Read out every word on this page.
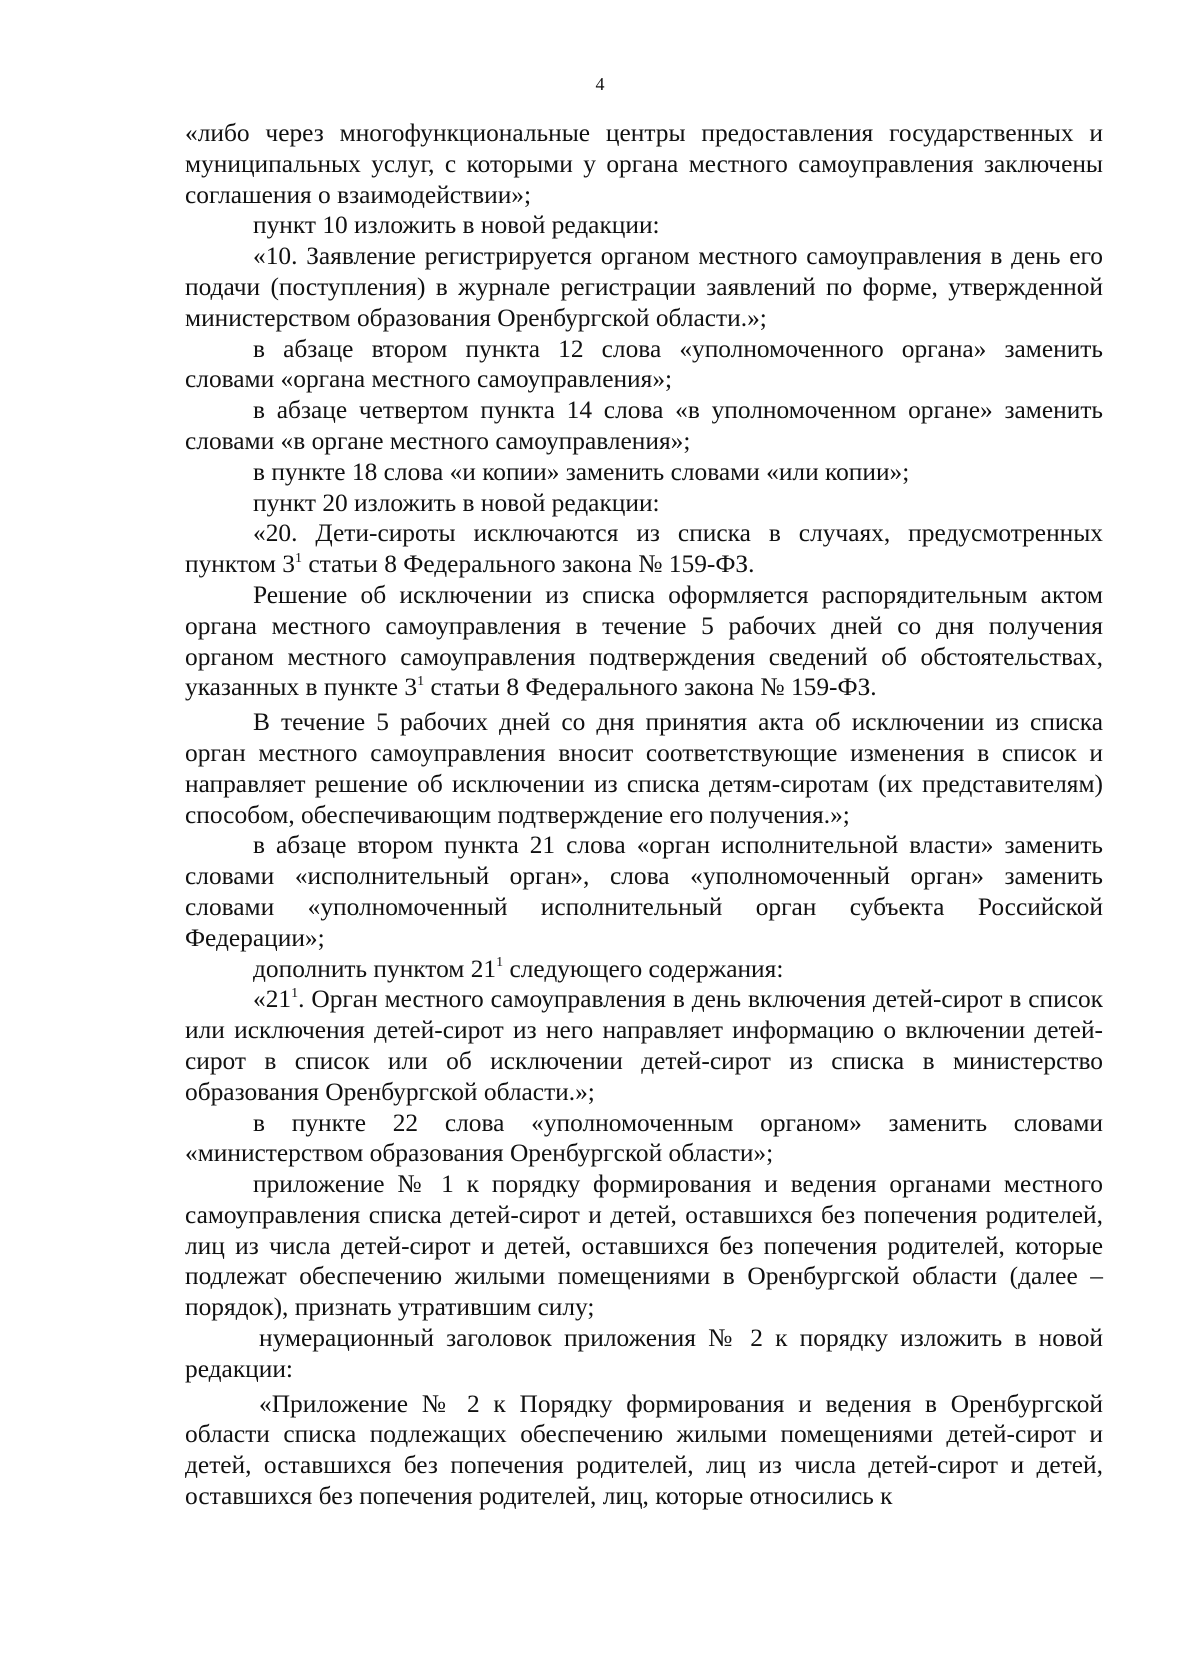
4

«либо через многофункциональные центры предоставления государственных и муниципальных услуг, с которыми у органа местного самоуправления заключены соглашения о взаимодействии»;

пункт 10 изложить в новой редакции:

«10. Заявление регистрируется органом местного самоуправления в день его подачи (поступления) в журнале регистрации заявлений по форме, утвержденной министерством образования Оренбургской области.»;

в абзаце втором пункта 12 слова «уполномоченного органа» заменить словами «органа местного самоуправления»;

в абзаце четвертом пункта 14 слова «в уполномоченном органе» заменить словами «в органе местного самоуправления»;

в пункте 18 слова «и копии» заменить словами «или копии»;

пункт 20 изложить в новой редакции:

«20. Дети-сироты исключаются из списка в случаях, предусмотренных пунктом $3^1$ статьи 8 Федерального закона № 159-ФЗ.

Решение об исключении из списка оформляется распорядительным актом органа местного самоуправления в течение 5 рабочих дней со дня получения органом местного самоуправления подтверждения сведений об обстоятельствах, указанных в пункте $3^1$ статьи 8 Федерального закона № 159-ФЗ.

В течение 5 рабочих дней со дня принятия акта об исключении из списка орган местного самоуправления вносит соответствующие изменения в список и направляет решение об исключении из списка детям-сиротам (их представителям) способом, обеспечивающим подтверждение его получения.»;

в абзаце втором пункта 21 слова «орган исполнительной власти» заменить словами «исполнительный орган», слова «уполномоченный орган» заменить словами «уполномоченный исполнительный орган субъекта Российской Федерации»;

дополнить пунктом $21^1$ следующего содержания:

«$21^1$. Орган местного самоуправления в день включения детей-сирот в список или исключения детей-сирот из него направляет информацию о включении детей-сирот в список или об исключении детей-сирот из списка в министерство образования Оренбургской области.»;

в пункте 22 слова «уполномоченным органом» заменить словами «министерством образования Оренбургской области»;

приложение № 1 к порядку формирования и ведения органами местного самоуправления списка детей-сирот и детей, оставшихся без попечения родителей, лиц из числа детей-сирот и детей, оставшихся без попечения родителей, которые подлежат обеспечению жилыми помещениями в Оренбургской области (далее – порядок), признать утратившим силу;

нумерационный заголовок приложения № 2 к порядку изложить в новой редакции:

«Приложение № 2 к Порядку формирования и ведения в Оренбургской области списка подлежащих обеспечению жилыми помещениями детей-сирот и детей, оставшихся без попечения родителей, лиц из числа детей-сирот и детей, оставшихся без попечения родителей, лиц, которые относились к
